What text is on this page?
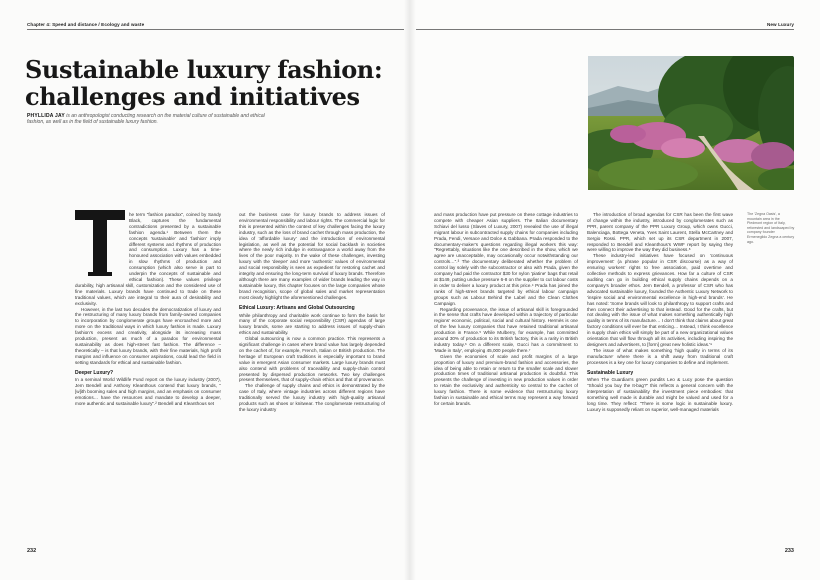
Chapter 4: Speed and distance / Ecology and waste	New Luxury
Sustainable luxury fashion: challenges and initiatives
PHYLLIDA JAY is an anthropologist conducting research on the material culture of sustainable and ethical fashion, as well as in the field of sustainable luxury fashion.

he term "fashion paradox", coined by Sandy Black, captures the fundamental contradictions presented by a sustainable fashion agenda.¹ Between them the concepts 'sustainable' and 'fashion' imply different systems and rhythms of production and consumption. Luxury has a time-honoured association with values embedded in slow rhythms of production and consumption (which also serve in part to underpin the concepts of sustainable and ethical fashion). These values privilege durability, high artisanal skill, customization and the considered use of fine materials. Luxury brands have continued to trade on these traditional values, which are integral to their aura of desirability and exclusivity.

However, in the last two decades the democratization of luxury and the restructuring of many luxury brands from family-owned companies to incorporation by conglomerate groups have encroached more and more on the traditional ways in which luxury fashion is made. Luxury fashion's excess and creativity, alongside its increasing mass production, present as much of a paradox for environmental sustainability as does high-street fast fashion. The difference – theoretically – is that luxury brands, with their fine materials, high profit margins and influence on consumer aspirations, could lead the field in setting standards for ethical and sustainable fashion.

Deeper Luxury?

In a seminal World Wildlife Fund report on the luxury industry (2007), Jem Bendell and Anthony Kleanthous contend that luxury brands, "[w]ith booming sales and high margins, and an emphasis on consumer emotions… have the resources and mandate to develop a deeper, more authentic and sustainable luxury".² Bendell and Kleanthous set

out the business case for luxury brands to address issues of environmental responsibility and labour rights. The commercial logic for this is presented within the context of key challenges facing the luxury industry, such as the loss of brand cachet through mass production, the idea of 'affordable luxury' and the introduction of environmental legislation, as well as the potential for social backlash in societies where the newly rich indulge in extravagance a world away from the lives of the poor majority. In the wake of these challenges, investing luxury with the 'deeper' and more 'authentic' values of environmental and social responsibility is seen as expedient for restoring cachet and integrity and ensuring the long-term survival of luxury brands. Therefore although there are many examples of wider brands leading the way in sustainable luxury, this chapter focuses on the large companies whose brand recognition, scope of global sales and market representation most clearly highlight the aforementioned challenges.

Ethical Luxury: Artisans and Global Outsourcing

While philanthropy and charitable work continue to form the basis for many of the corporate social responsibility (CSR) agendas of large luxury brands, some are starting to address issues of supply-chain ethics and sustainability.

Global outsourcing is now a common practice. This represents a significant challenge in cases where brand value has largely depended on the cachet of, for example, French, Italian or British production. The heritage of European craft traditions is especially important to brand value in emergent Asian consumer markets. Large luxury brands must also contend with problems of traceability and supply-chain control presented by dispersed production networks. Two key challenges present themselves, that of supply-chain ethics and that of provenance.

The challenge of supply chains and ethics is demonstrated by the case of Italy, where vintage industries across different regions have traditionally served the luxury industry with high-quality artisanal products such as shoes or knitwear. The conglomerate restructuring of the luxury industry

and mass production have put pressure on these cottage industries to compete with cheaper Asian suppliers. The Italian documentary Schiavi del lusso (Slaves of Luxury, 2007) revealed the use of illegal migrant labour in subcontracted supply chains for companies including Prada, Fendi, Versace and Dolce & Gabbana. Prada responded to the documentary-maker's questions regarding illegal workers this way: "Regrettably, situations like the one described in the show, which we agree are unacceptable, may occasionally occur notwithstanding our controls…".³ The documentary deliberated whether the problem of control lay solely with the subcontractor or also with Prada, given the company had paid the contractor $30 for nylon 'piatine' bags that retail at $149, putting undue pressure 6-8 on the supplier to cut labour costs in order to deliver a luxury product at this price.⁴ Prada has joined the ranks of high-street brands targeted by ethical labour campaign groups such as Labour Behind the Label and the Clean Clothes Campaign.

Regarding provenance, the issue of artisanal skill is foregrounded in the sense that crafts have developed within a trajectory of particular regions' economic, political, social and cultural history. Hermès is one of the few luxury companies that have retained traditional artisanal production in France.⁵ While Mulberry, for example, has committed around 30% of production to its British factory, this is a rarity in British industry today.⁶ On a different scale, Gucci has a commitment to 'Made in Italy', employing 45,000 people there.⁷

Given the economies of scale and profit margins of a large proportion of luxury and premium-brand fashion and accessories, the idea of being able to retain or return to the smaller scale and slower production times of traditional artisanal production is doubtful. This presents the challenge of investing in new production values in order to retain the exclusivity and authenticity so central to the cachet of luxury fashion. There is some evidence that restructuring luxury fashion in sustainable and ethical terms may represent a way forward for certain brands.

The introduction of broad agendas for CSR has been the first wave of change within the industry, introduced by conglomerates such as PPR, parent company of the PPR Luxury Group, which owns Gucci, Balenciaga, Bottega Veneta, Yves Saint Laurent, Stella McCartney and Sergio Rossi. PPR, which set up its CSR department in 2007, responded to Bendell and Kleanthous's WWF report by saying they were willing to improve the way they did business.⁸

These industry-led initiatives have focused on 'continuous improvement' (a phrase popular in CSR discourse) as a way of ensuring workers' rights to free association, paid overtime and collective methods to express grievances. How far a culture of CSR auditing can go in building ethical supply chains depends on a company's broader ethos. Jem Bendell, a professor of CSR who has advocated sustainable luxury, founded the Authentic Luxury Network to 'inspire social and environmental excellence in high-end brands'. He has noted: 'Some brands will look to philanthropy to support crafts and then connect their advertising to that instead. Good for the crafts, but not dealing with the issue of what makes something authentically high quality in terms of its manufacture… I don't think that claims about great factory conditions will ever be that enticing… Instead, I think excellence in supply chain ethics will simply be part of a new organizational values orientation that will flow through all its activities, including inspiring the designers and advertisers, to [form] great new holistic ideas.'⁹

The issue of what makes something 'high quality in terms of its manufacture' where there is a shift away from traditional craft processes is a key one for luxury companies to define and implement.

Sustainable Luxury

When The Guardian's green pundits Leo & Lucy pose the question "Should you buy the It-bag?" this reflects a general concern with the interpretation of sustainability the investment piece embodies: that something well made is durable and might be valued and used for a long time. They reflect: "There is some logic in sustainable luxury. Luxury is supposedly reliant on superior, well-managed materials

The 'Zegna Oasis', a mountain area in the Piedmont region of Italy, reforested and landscaped by company founder Ermenegildo Zegna a century ago.
232	233
